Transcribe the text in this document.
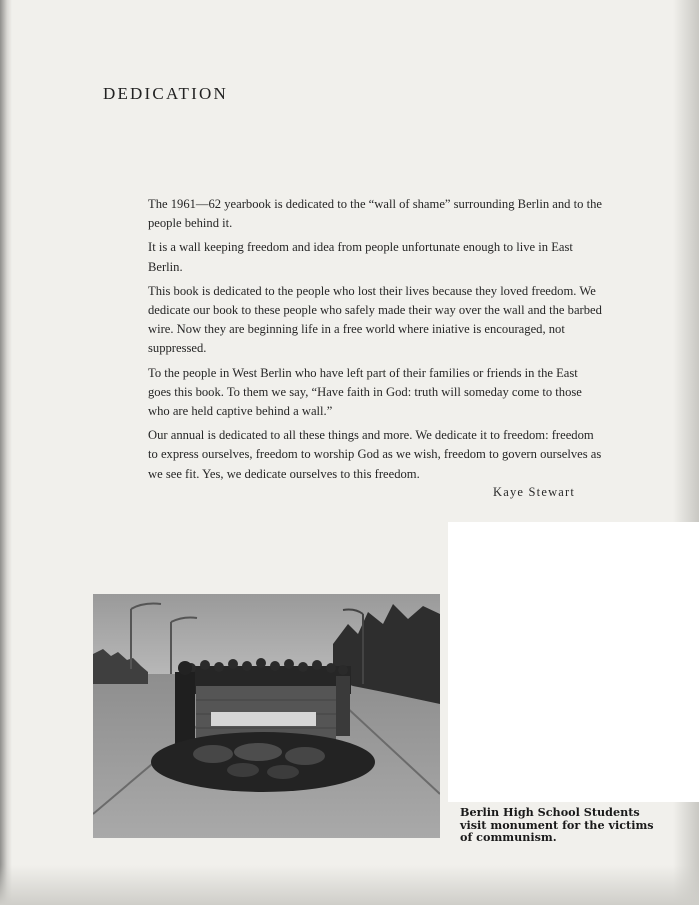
DEDICATION

The 1961—62 yearbook is dedicated to the “wall of shame” surrounding Berlin and to the people behind it.

It is a wall keeping freedom and idea from people unfortunate enough to live in East Berlin.

This book is dedicated to the people who lost their lives because they loved freedom. We dedicate our book to these people who safely made their way over the wall and the barbed wire. Now they are beginning life in a free world where iniative is encouraged, not suppressed.

To the people in West Berlin who have left part of their families or friends in the East goes this book. To them we say, “Have faith in God: truth will someday come to those who are held captive behind a wall.”

Our annual is dedicated to all these things and more. We dedicate it to freedom: freedom to express ourselves, freedom to worship God as we wish, freedom to govern ourselves as we see fit. Yes, we dedicate ourselves to this freedom.

Kaye Stewart

Berlin High School Students
visit monument for the victims
of communism.
